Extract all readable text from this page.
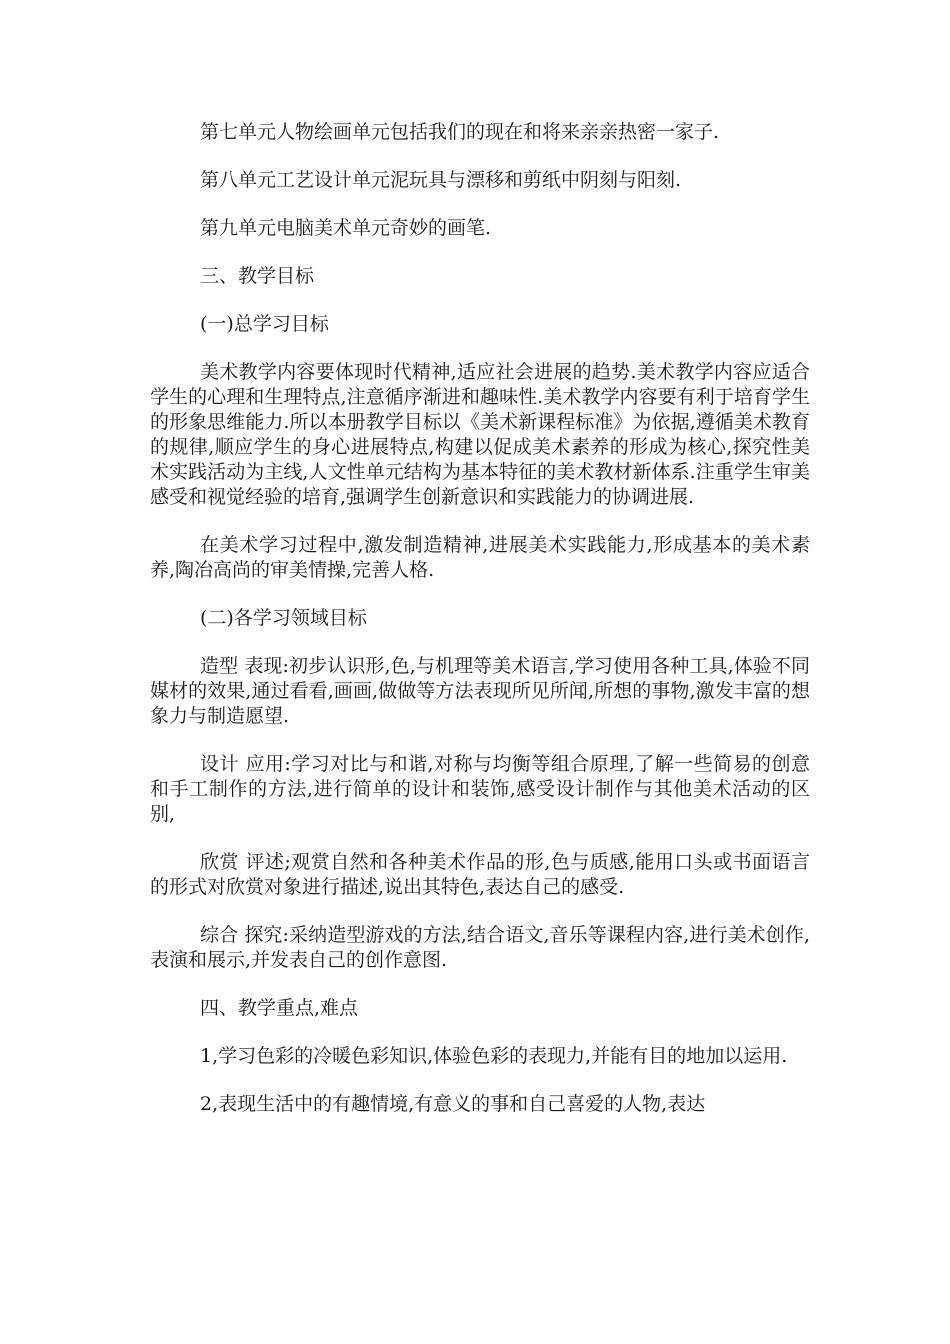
第七单元人物绘画单元包括我们的现在和将来亲亲热密一家子.

第八单元工艺设计单元泥玩具与漂移和剪纸中阴刻与阳刻.

第九单元电脑美术单元奇妙的画笔.

三、教学目标

(一)总学习目标

美术教学内容要体现时代精神,适应社会进展的趋势.美术教学内容应适合学生的心理和生理特点,注意循序渐进和趣味性.美术教学内容要有利于培育学生的形象思维能力.所以本册教学目标以《美术新课程标准》为依据,遵循美术教育的规律,顺应学生的身心进展特点,构建以促成美术素养的形成为核心,探究性美术实践活动为主线,人文性单元结构为基本特征的美术教材新体系.注重学生审美感受和视觉经验的培育,强调学生创新意识和实践能力的协调进展.

在美术学习过程中,激发制造精神,进展美术实践能力,形成基本的美术素养,陶冶高尚的审美情操,完善人格.

(二)各学习领域目标

造型 表现:初步认识形,色,与机理等美术语言,学习使用各种工具,体验不同媒材的效果,通过看看,画画,做做等方法表现所见所闻,所想的事物,激发丰富的想象力与制造愿望.

设计 应用:学习对比与和谐,对称与均衡等组合原理,了解一些简易的创意和手工制作的方法,进行简单的设计和装饰,感受设计制作与其他美术活动的区别,

欣赏 评述;观赏自然和各种美术作品的形,色与质感,能用口头或书面语言的形式对欣赏对象进行描述,说出其特色,表达自己的感受.

综合 探究:采纳造型游戏的方法,结合语文,音乐等课程内容,进行美术创作,表演和展示,并发表自己的创作意图.

四、教学重点,难点

1,学习色彩的冷暖色彩知识,体验色彩的表现力,并能有目的地加以运用.

2,表现生活中的有趣情境,有意义的事和自己喜爱的人物,表达
